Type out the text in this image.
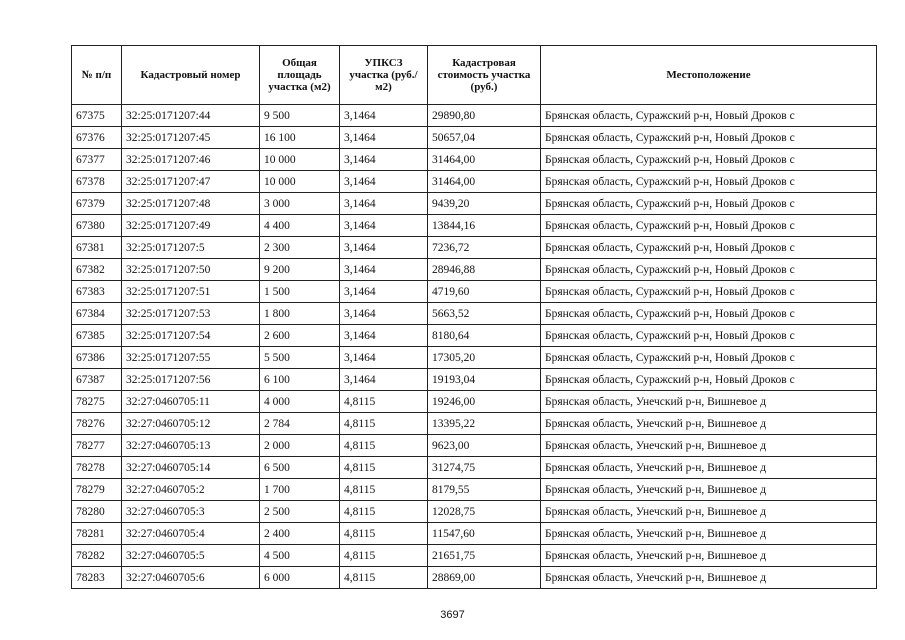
№ п/п	Кадастровый номер	Общая площадь участка (м2)	УПКСЗ участка (руб./м2)	Кадастровая стоимость участка (руб.)	Местоположение
67375	32:25:0171207:44	9 500	3,1464	29890,80	Брянская область, Суражский р-н, Новый Дроков с
67376	32:25:0171207:45	16 100	3,1464	50657,04	Брянская область, Суражский р-н, Новый Дроков с
67377	32:25:0171207:46	10 000	3,1464	31464,00	Брянская область, Суражский р-н, Новый Дроков с
67378	32:25:0171207:47	10 000	3,1464	31464,00	Брянская область, Суражский р-н, Новый Дроков с
67379	32:25:0171207:48	3 000	3,1464	9439,20	Брянская область, Суражский р-н, Новый Дроков с
67380	32:25:0171207:49	4 400	3,1464	13844,16	Брянская область, Суражский р-н, Новый Дроков с
67381	32:25:0171207:5	2 300	3,1464	7236,72	Брянская область, Суражский р-н, Новый Дроков с
67382	32:25:0171207:50	9 200	3,1464	28946,88	Брянская область, Суражский р-н, Новый Дроков с
67383	32:25:0171207:51	1 500	3,1464	4719,60	Брянская область, Суражский р-н, Новый Дроков с
67384	32:25:0171207:53	1 800	3,1464	5663,52	Брянская область, Суражский р-н, Новый Дроков с
67385	32:25:0171207:54	2 600	3,1464	8180,64	Брянская область, Суражский р-н, Новый Дроков с
67386	32:25:0171207:55	5 500	3,1464	17305,20	Брянская область, Суражский р-н, Новый Дроков с
67387	32:25:0171207:56	6 100	3,1464	19193,04	Брянская область, Суражский р-н, Новый Дроков с
78275	32:27:0460705:11	4 000	4,8115	19246,00	Брянская область, Унечский р-н, Вишневое д
78276	32:27:0460705:12	2 784	4,8115	13395,22	Брянская область, Унечский р-н, Вишневое д
78277	32:27:0460705:13	2 000	4,8115	9623,00	Брянская область, Унечский р-н, Вишневое д
78278	32:27:0460705:14	6 500	4,8115	31274,75	Брянская область, Унечский р-н, Вишневое д
78279	32:27:0460705:2	1 700	4,8115	8179,55	Брянская область, Унечский р-н, Вишневое д
78280	32:27:0460705:3	2 500	4,8115	12028,75	Брянская область, Унечский р-н, Вишневое д
78281	32:27:0460705:4	2 400	4,8115	11547,60	Брянская область, Унечский р-н, Вишневое д
78282	32:27:0460705:5	4 500	4,8115	21651,75	Брянская область, Унечский р-н, Вишневое д
78283	32:27:0460705:6	6 000	4,8115	28869,00	Брянская область, Унечский р-н, Вишневое д
3697
